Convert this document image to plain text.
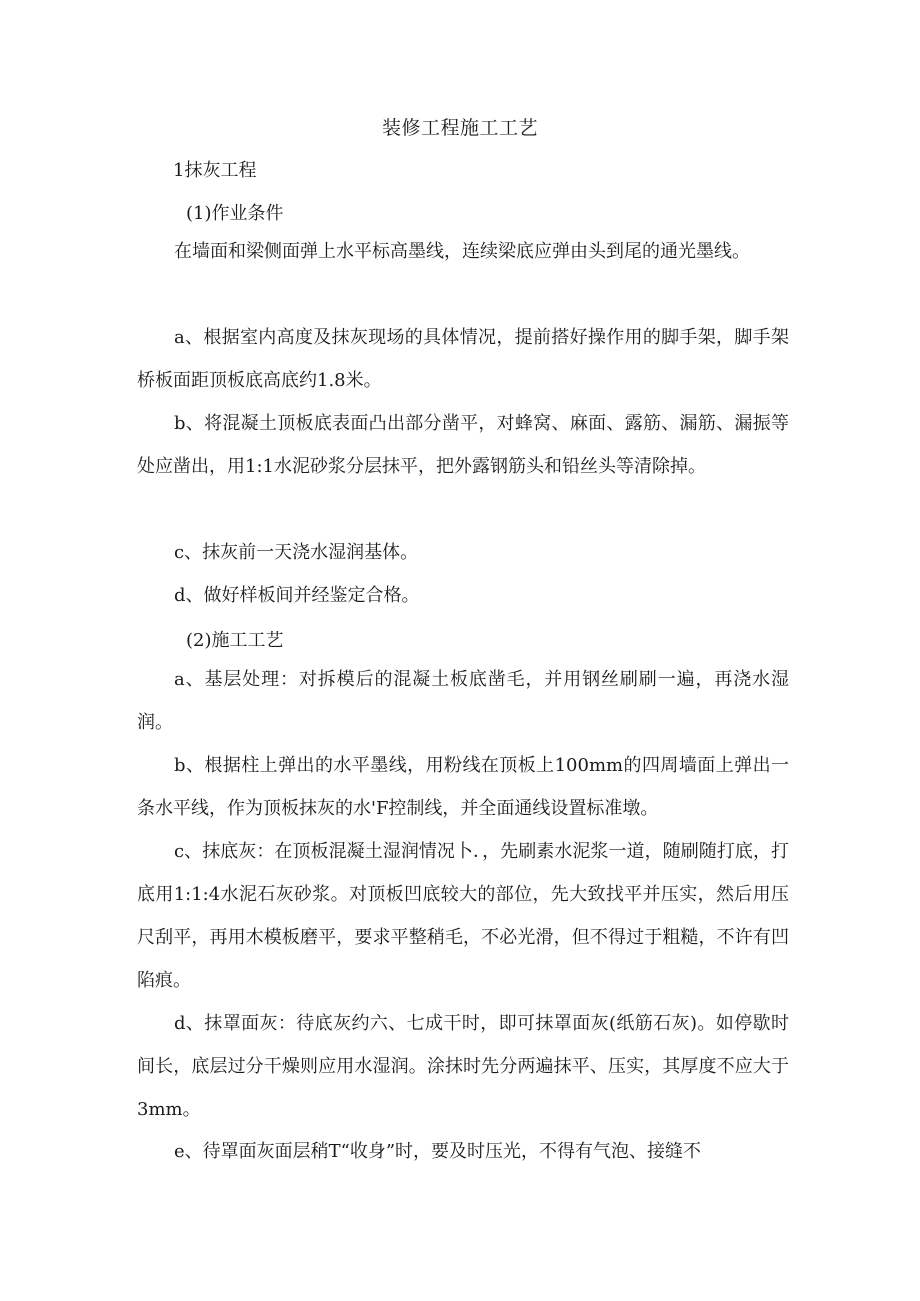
装修工程施工工艺
1抹灰工程
(1)作业条件

在墙面和梁侧面弹上水平标高墨线，连续梁底应弹由头到尾的通光墨线。

a、根据室内高度及抹灰现场的具体情况，提前搭好操作用的脚手架，脚手架桥板面距顶板底高底约1.8米。

b、将混凝土顶板底表面凸出部分凿平，对蜂窝、麻面、露筋、漏筋、漏振等处应凿出，用1:1水泥砂浆分层抹平，把外露钢筋头和铅丝头等清除掉。

c、抹灰前一天浇水湿润基体。

d、做好样板间并经鉴定合格。

(2)施工工艺

a、基层处理：对拆模后的混凝土板底凿毛，并用钢丝刷刷一遍，再浇水湿润。

b、根据柱上弹出的水平墨线，用粉线在顶板上100mm的四周墙面上弹出一条水平线，作为顶板抹灰的水'F控制线，并全面通线设置标准墩。

c、抹底灰：在顶板混凝土湿润情况卜．，先刷素水泥浆一道，随刷随打底，打底用1:1:4水泥石灰砂浆。对顶板凹底较大的部位，先大致找平并压实，然后用压尺刮平，再用木模板磨平，要求平整稍毛，不必光滑，但不得过于粗糙，不许有凹陷痕。

d、抹罩面灰：待底灰约六、七成干时，即可抹罩面灰(纸筋石灰)。如停歇时间长，底层过分干燥则应用水湿润。涂抹时先分两遍抹平、压实，其厚度不应大于3mm。

e、待罩面灰面层稍T“收身”时，要及时压光，不得有气泡、接缝不
